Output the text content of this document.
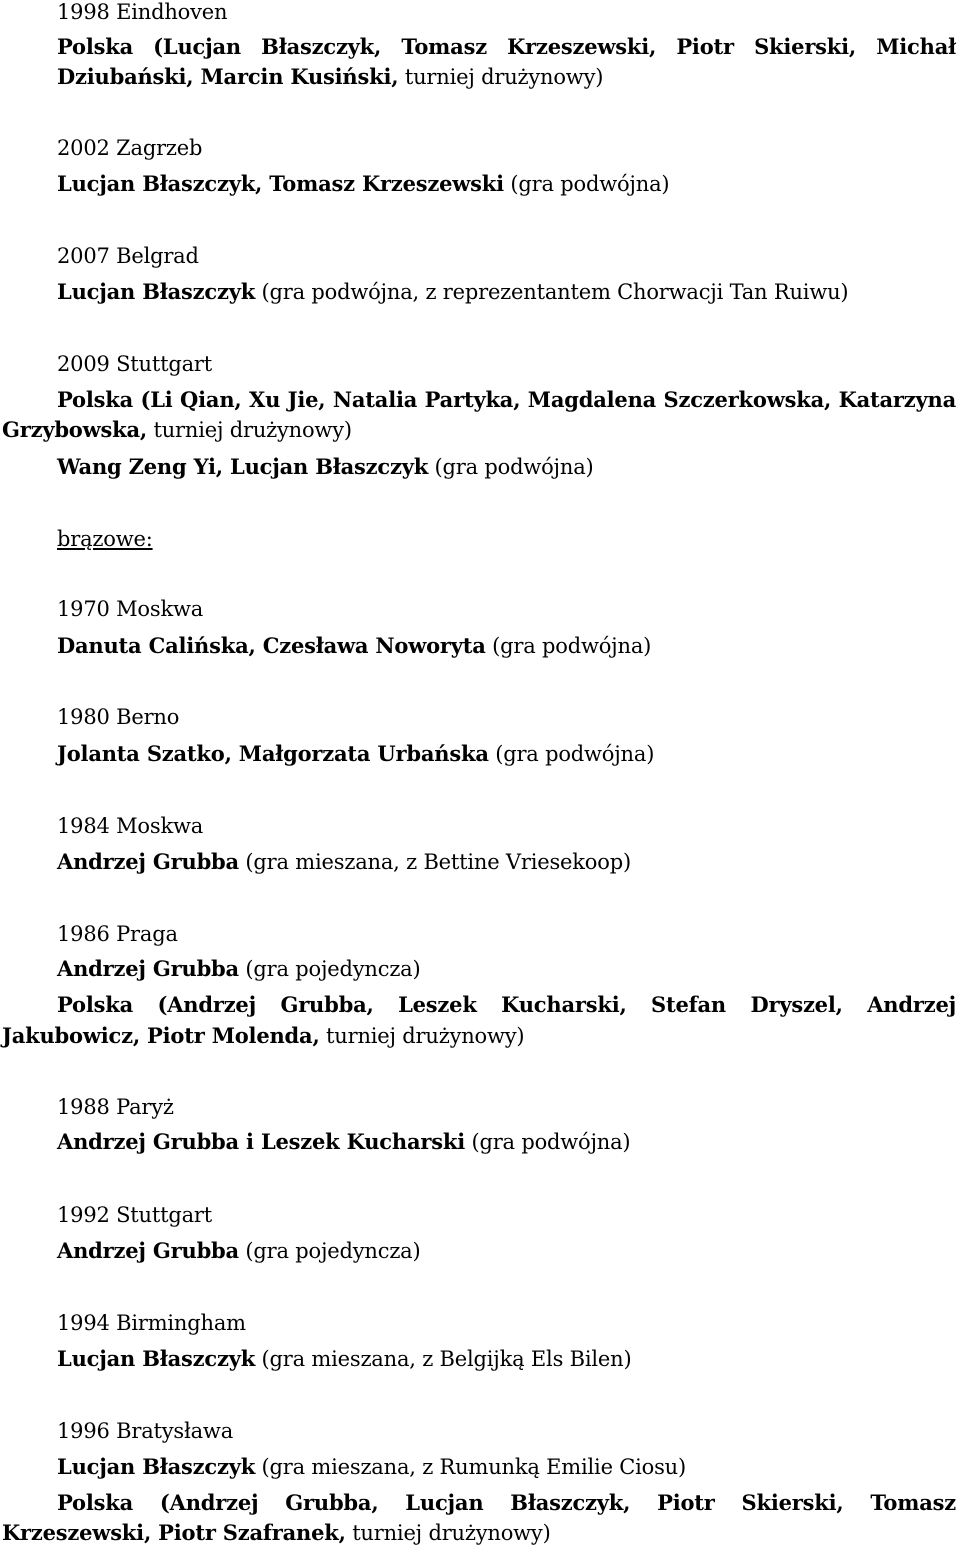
1998 Eindhoven
Polska (Lucjan Błaszczyk, Tomasz Krzeszewski, Piotr Skierski, Michał
Dziubański, Marcin Kusiński, turniej drużynowy)
2002 Zagrzeb
Lucjan Błaszczyk, Tomasz Krzeszewski (gra podwójna)
2007 Belgrad
Lucjan Błaszczyk (gra podwójna, z reprezentantem Chorwacji Tan Ruiwu)
2009 Stuttgart
Polska (Li Qian, Xu Jie, Natalia Partyka, Magdalena Szczerkowska, Katarzyna
Grzybowska, turniej drużynowy)
Wang Zeng Yi, Lucjan Błaszczyk (gra podwójna)
brązowe:
1970 Moskwa
Danuta Calińska, Czesława Noworyta (gra podwójna)
1980 Berno
Jolanta Szatko, Małgorzata Urbańska (gra podwójna)
1984 Moskwa
Andrzej Grubba (gra mieszana, z Bettine Vriesekoop)
1986 Praga
Andrzej Grubba (gra pojedyncza)
Polska (Andrzej Grubba, Leszek Kucharski, Stefan Dryszel, Andrzej
Jakubowicz, Piotr Molenda, turniej drużynowy)
1988 Paryż
Andrzej Grubba i Leszek Kucharski (gra podwójna)
1992 Stuttgart
Andrzej Grubba (gra pojedyncza)
1994 Birmingham
Lucjan Błaszczyk (gra mieszana, z Belgijką Els Bilen)
1996 Bratysława
Lucjan Błaszczyk (gra mieszana, z Rumunką Emilie Ciosu)
Polska (Andrzej Grubba, Lucjan Błaszczyk, Piotr Skierski, Tomasz
Krzeszewski, Piotr Szafranek, turniej drużynowy)
